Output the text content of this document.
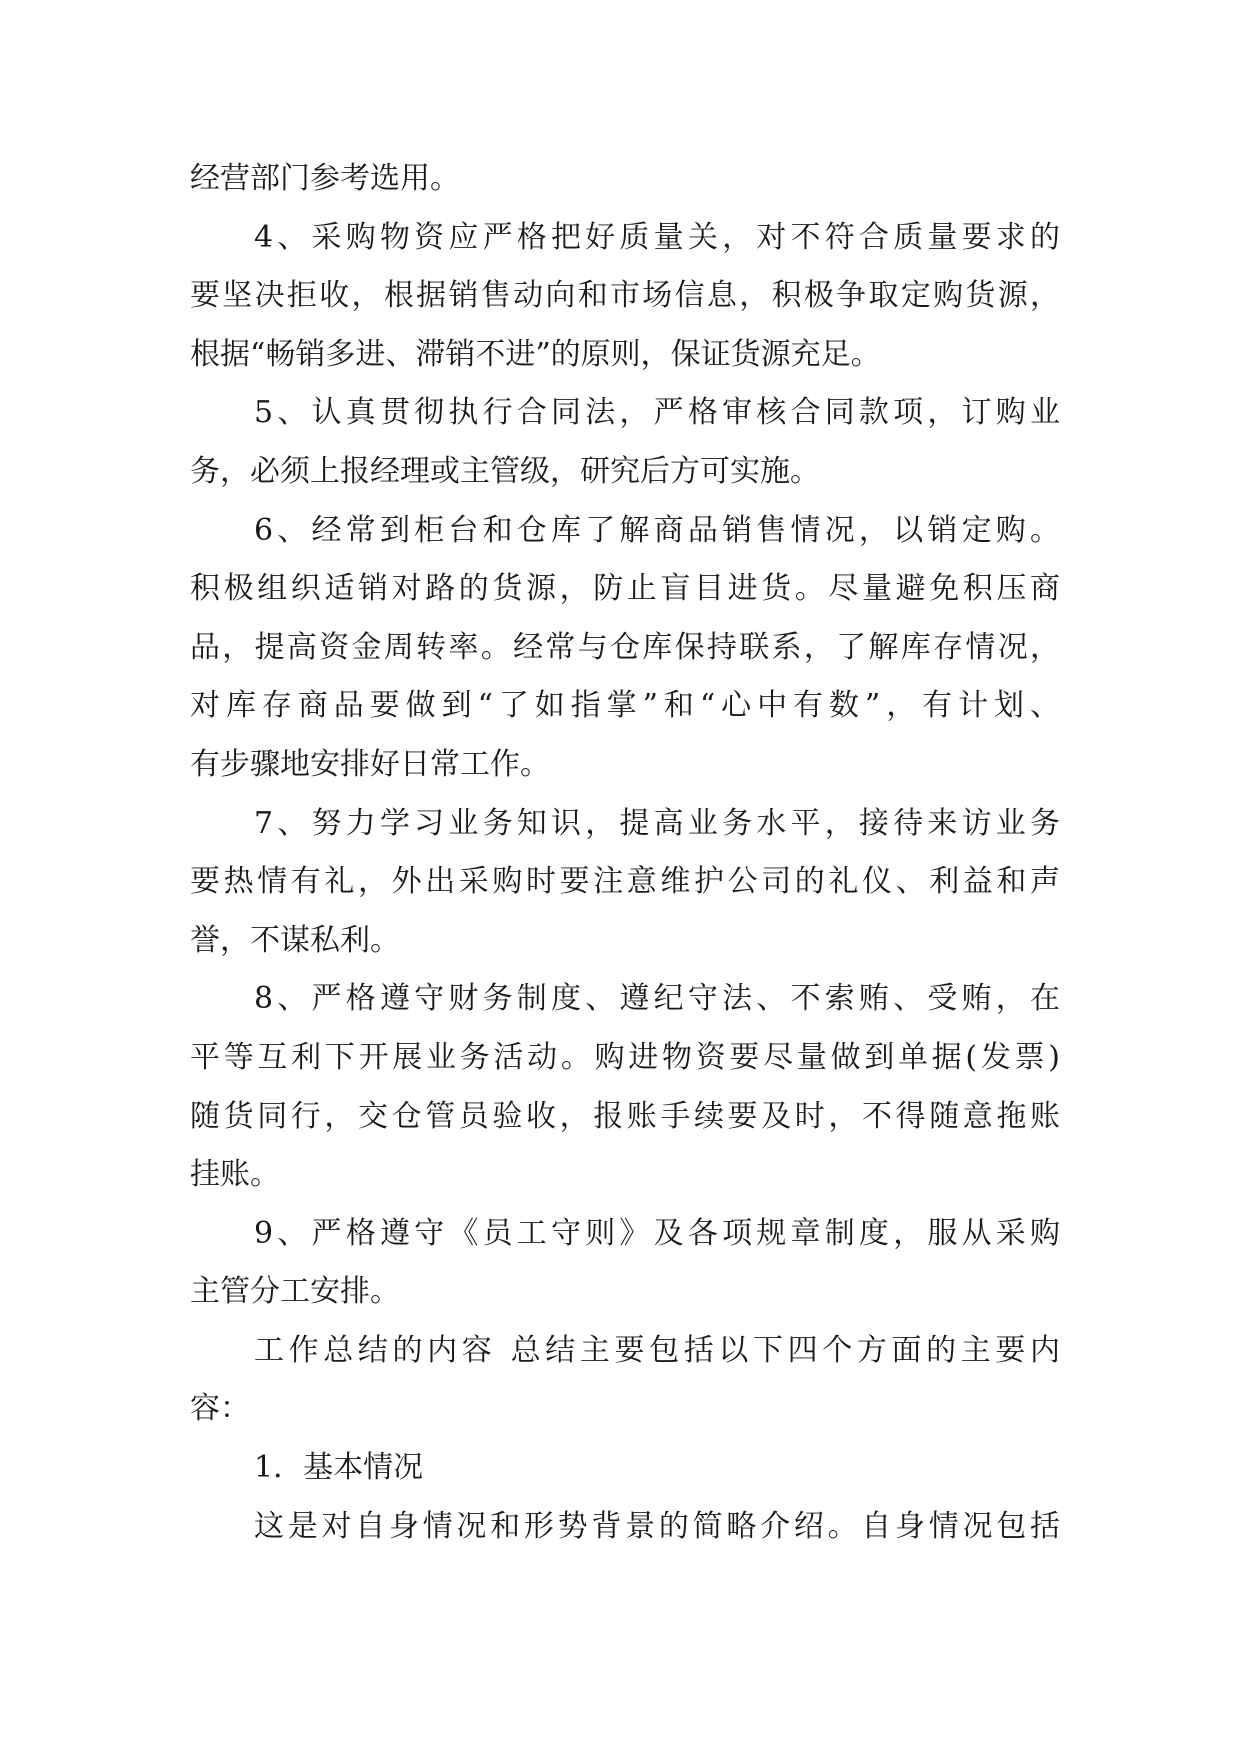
经营部门参考选用。
4、采购物资应严格把好质量关，对不符合质量要求的
要坚决拒收，根据销售动向和市场信息，积极争取定购货源，
根据“畅销多进、滞销不进”的原则，保证货源充足。
5、认真贯彻执行合同法，严格审核合同款项，订购业
务，必须上报经理或主管级，研究后方可实施。
6、经常到柜台和仓库了解商品销售情况，以销定购。
积极组织适销对路的货源，防止盲目进货。尽量避免积压商
品，提高资金周转率。经常与仓库保持联系，了解库存情况，
对库存商品要做到“了如指掌”和“心中有数”，有计划、
有步骤地安排好日常工作。
7、努力学习业务知识，提高业务水平，接待来访业务
要热情有礼，外出采购时要注意维护公司的礼仪、利益和声
誉，不谋私利。
8、严格遵守财务制度、遵纪守法、不索贿、受贿，在
平等互利下开展业务活动。购进物资要尽量做到单据(发票)
随货同行，交仓管员验收，报账手续要及时，不得随意拖账
挂账。
9、严格遵守《员工守则》及各项规章制度，服从采购
主管分工安排。
工作总结的内容 总结主要包括以下四个方面的主要内
容：
1．基本情况
这是对自身情况和形势背景的简略介绍。自身情况包括
